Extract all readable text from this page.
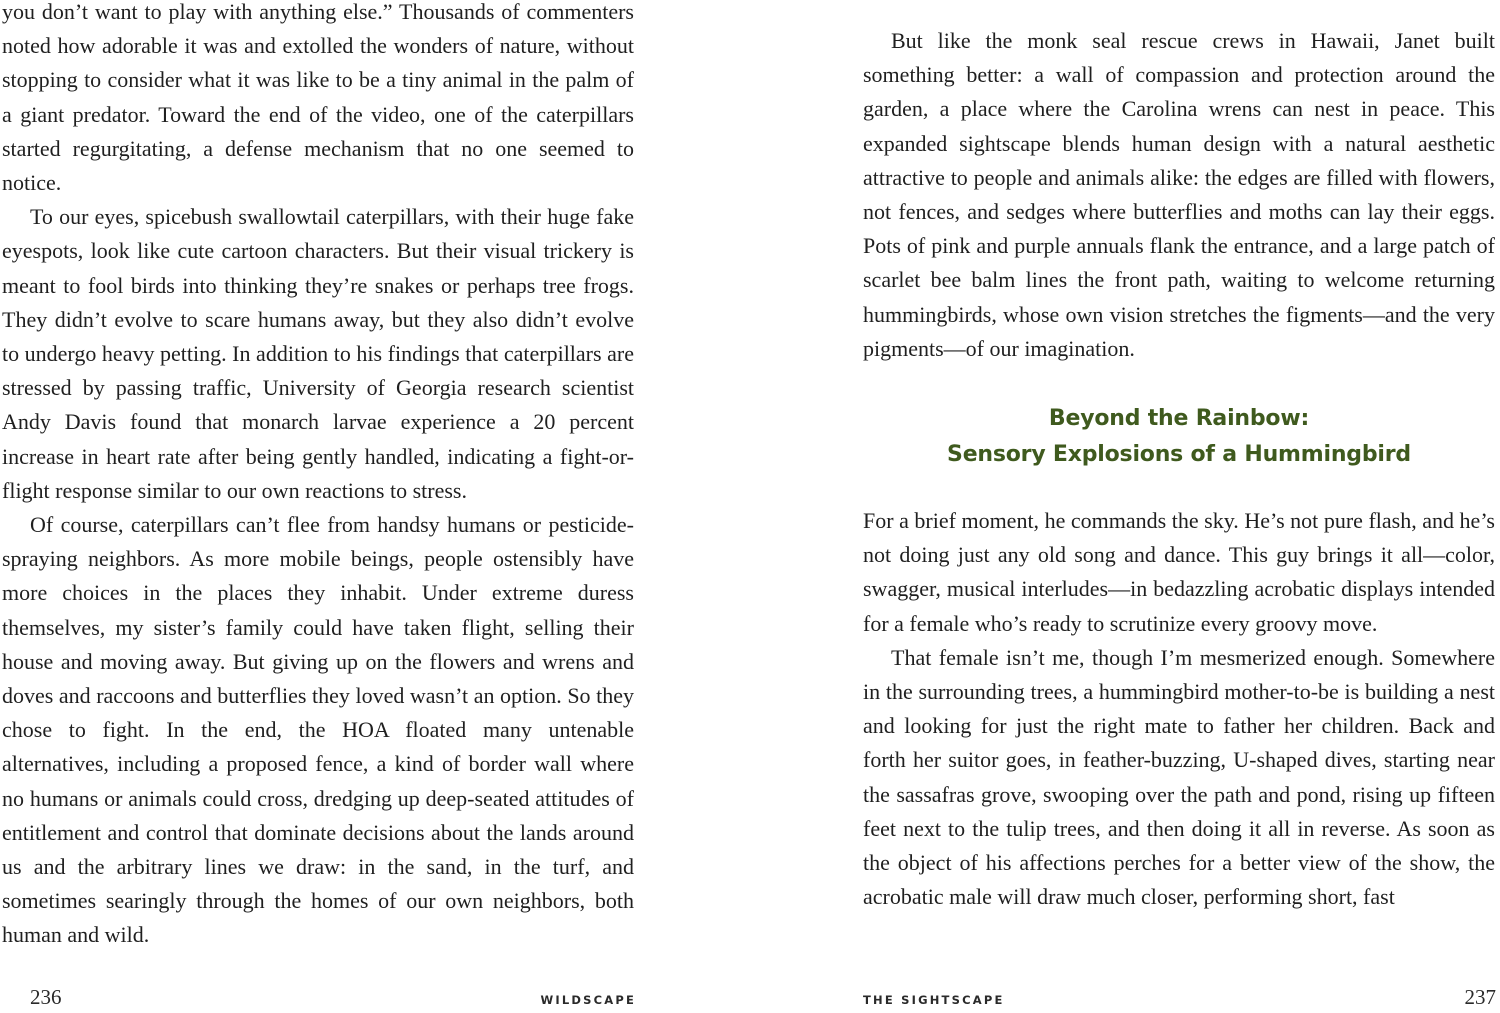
you don’t want to play with anything else.” Thousands of commenters noted how adorable it was and extolled the wonders of nature, without stopping to consider what it was like to be a tiny animal in the palm of a giant predator. Toward the end of the video, one of the caterpillars started regurgitating, a defense mechanism that no one seemed to notice.

To our eyes, spicebush swallowtail caterpillars, with their huge fake eyespots, look like cute cartoon characters. But their visual trickery is meant to fool birds into thinking they’re snakes or perhaps tree frogs. They didn’t evolve to scare humans away, but they also didn’t evolve to undergo heavy petting. In addition to his findings that caterpillars are stressed by passing traffic, University of Georgia research scientist Andy Davis found that monarch larvae experience a 20 percent increase in heart rate after being gently handled, indicating a fight-or-flight response similar to our own reactions to stress.

Of course, caterpillars can’t flee from handsy humans or pesticide-spraying neighbors. As more mobile beings, people ostensibly have more choices in the places they inhabit. Under extreme duress themselves, my sister’s family could have taken flight, selling their house and moving away. But giving up on the flowers and wrens and doves and raccoons and butterflies they loved wasn’t an option. So they chose to fight. In the end, the HOA floated many untenable alternatives, including a proposed fence, a kind of border wall where no humans or animals could cross, dredging up deep-seated attitudes of entitlement and control that dominate decisions about the lands around us and the arbitrary lines we draw: in the sand, in the turf, and sometimes searingly through the homes of our own neighbors, both human and wild.

236	WILDSCAPE

But like the monk seal rescue crews in Hawaii, Janet built something better: a wall of compassion and protection around the garden, a place where the Carolina wrens can nest in peace. This expanded sightscape blends human design with a natural aesthetic attractive to people and animals alike: the edges are filled with flowers, not fences, and sedges where butterflies and moths can lay their eggs. Pots of pink and purple annuals flank the entrance, and a large patch of scarlet bee balm lines the front path, waiting to welcome returning hummingbirds, whose own vision stretches the figments—and the very pigments—of our imagination.

Beyond the Rainbow:
Sensory Explosions of a Hummingbird

For a brief moment, he commands the sky. He’s not pure flash, and he’s not doing just any old song and dance. This guy brings it all—color, swagger, musical interludes—in bedazzling acrobatic displays intended for a female who’s ready to scrutinize every groovy move.

That female isn’t me, though I’m mesmerized enough. Somewhere in the surrounding trees, a hummingbird mother-to-be is building a nest and looking for just the right mate to father her children. Back and forth her suitor goes, in feather-buzzing, U-shaped dives, starting near the sassafras grove, swooping over the path and pond, rising up fifteen feet next to the tulip trees, and then doing it all in reverse. As soon as the object of his affections perches for a better view of the show, the acrobatic male will draw much closer, performing short, fast

237
THE SIGHTSCAPE
